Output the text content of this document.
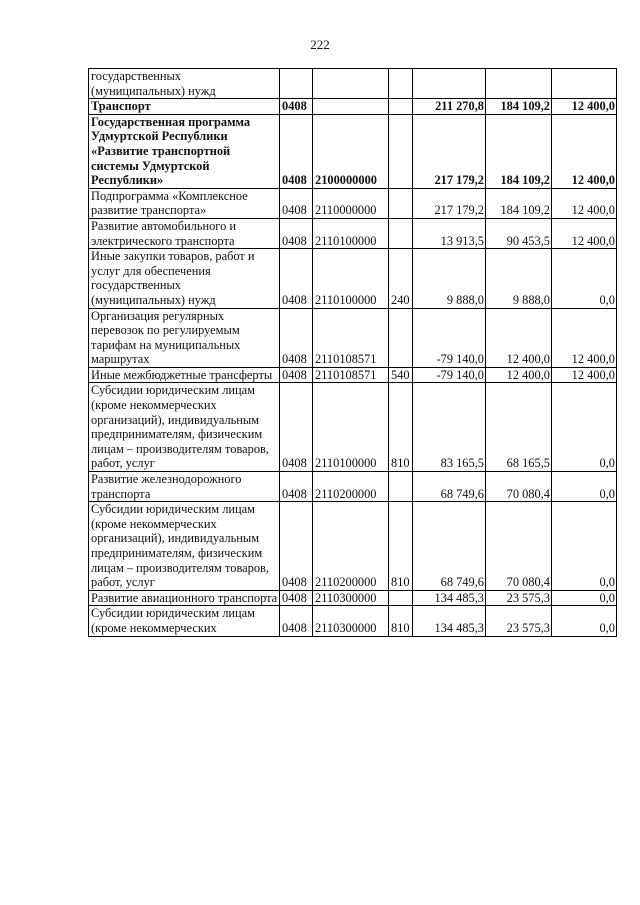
222
государственных (муниципальных) нужд						
Транспорт	0408			211 270,8	184 109,2	12 400,0
Государственная программа Удмуртской Республики «Развитие транспортной системы Удмуртской Республики»	0408	2100000000		217 179,2	184 109,2	12 400,0
Подпрограмма «Комплексное развитие транспорта»	0408	2110000000		217 179,2	184 109,2	12 400,0
Развитие автомобильного и электрического транспорта	0408	2110100000		13 913,5	90 453,5	12 400,0
Иные закупки товаров, работ и услуг для обеспечения государственных (муниципальных) нужд	0408	2110100000	240	9 888,0	9 888,0	0,0
Организация регулярных перевозок по регулируемым тарифам на муниципальных маршрутах	0408	2110108571		-79 140,0	12 400,0	12 400,0
Иные межбюджетные трансферты	0408	2110108571	540	-79 140,0	12 400,0	12 400,0
Субсидии юридическим лицам (кроме некоммерческих организаций), индивидуальным предпринимателям, физическим лицам – производителям товаров, работ, услуг	0408	2110100000	810	83 165,5	68 165,5	0,0
Развитие железнодорожного транспорта	0408	2110200000		68 749,6	70 080,4	0,0
Субсидии юридическим лицам (кроме некоммерческих организаций), индивидуальным предпринимателям, физическим лицам – производителям товаров, работ, услуг	0408	2110200000	810	68 749,6	70 080,4	0,0
Развитие авиационного транспорта	0408	2110300000		134 485,3	23 575,3	0,0
Субсидии юридическим лицам (кроме некоммерческих	0408	2110300000	810	134 485,3	23 575,3	0,0
